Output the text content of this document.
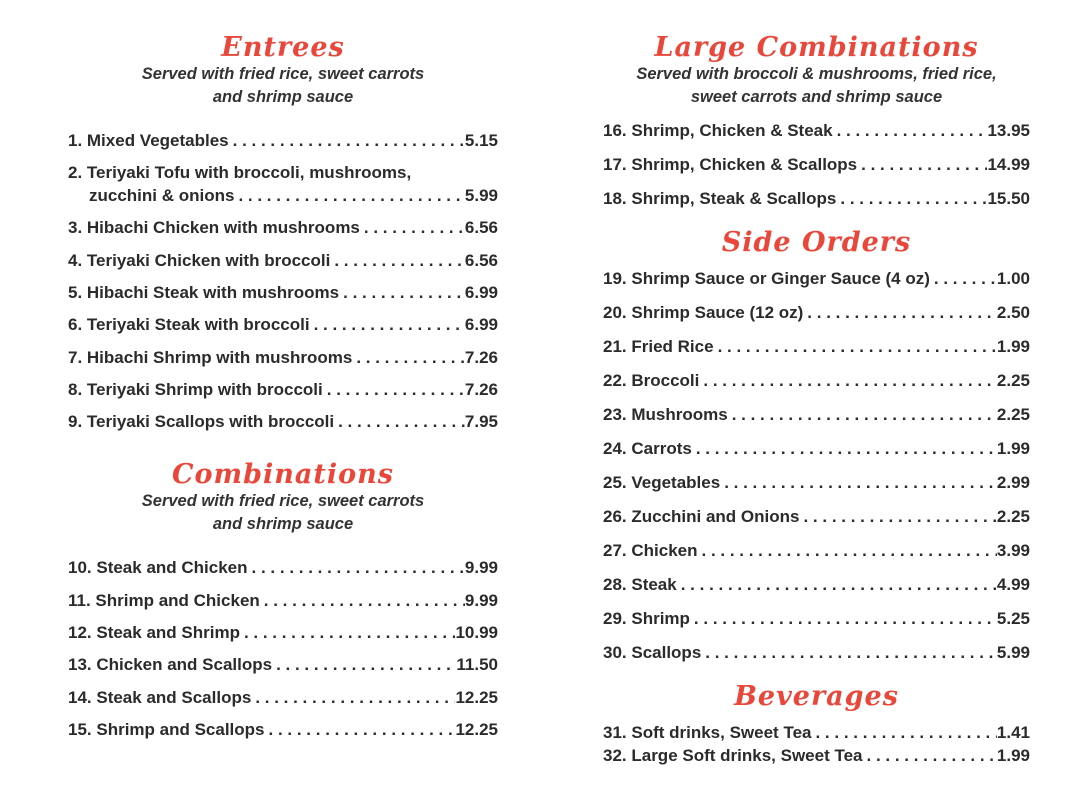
Entrees

Served with fried rice, sweet carrots

and shrimp sauce

1. Mixed Vegetables . . .	5.15
2. Teriyaki Tofu with broccoli, mushrooms,
zucchini & onions . . .	5.99
3. Hibachi Chicken with mushrooms . . .	6.56
4. Teriyaki Chicken with broccoli . . .	6.56
5. Hibachi Steak with mushrooms . . .	6.99
6. Teriyaki Steak with broccoli . . .	6.99
7. Hibachi Shrimp with mushrooms . . .	7.26
8. Teriyaki Shrimp with broccoli . . .	7.26
9. Teriyaki Scallops with broccoli . . .	7.95
Combinations

Served with fried rice, sweet carrots

and shrimp sauce

10. Steak and Chicken . . .	9.99
11. Shrimp and Chicken . . .	9.99
12. Steak and Shrimp . . .	10.99
13. Chicken and Scallops . . .	11.50
14. Steak and Scallops . . .	12.25
15. Shrimp and Scallops . . .	12.25
Large Combinations

Served with broccoli & mushrooms, fried rice,

sweet carrots and shrimp sauce

16. Shrimp, Chicken & Steak . . .	13.95
17. Shrimp, Chicken & Scallops . . .	14.99
18. Shrimp, Steak & Scallops . . .	15.50
Side Orders
19. Shrimp Sauce or Ginger Sauce (4 oz) . . .	1.00
20. Shrimp Sauce (12 oz) . . .	2.50
21. Fried Rice . . .	1.99
22. Broccoli . . .	2.25
23. Mushrooms . . .	2.25
24. Carrots . . .	1.99
25. Vegetables . . .	2.99
26. Zucchini and Onions . . .	2.25
27. Chicken . . .	3.99
28. Steak . . .	4.99
29. Shrimp . . .	5.25
30. Scallops . . .	5.99
Beverages
31. Soft drinks, Sweet Tea . . .	1.41
32. Large Soft drinks, Sweet Tea . . .	1.99
